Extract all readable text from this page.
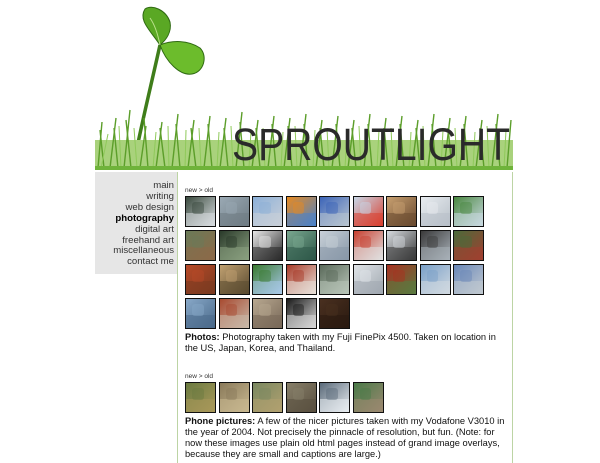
SPROUTLIGHT
main
writing
web design
photography
digital art
freehand art
miscellaneous
contact me
new > old

Photos: Photography taken with my Fuji FinePix 4500. Taken on location in the US, Japan, Korea, and Thailand.

new > old

Phone pictures: A few of the nicer pictures taken with my Vodafone V3010 in the year of 2004. Not precisely the pinnacle of resolution, but fun. (Note: for now these images use plain old html pages instead of grand image overlays, because they are small and captions are large.)
